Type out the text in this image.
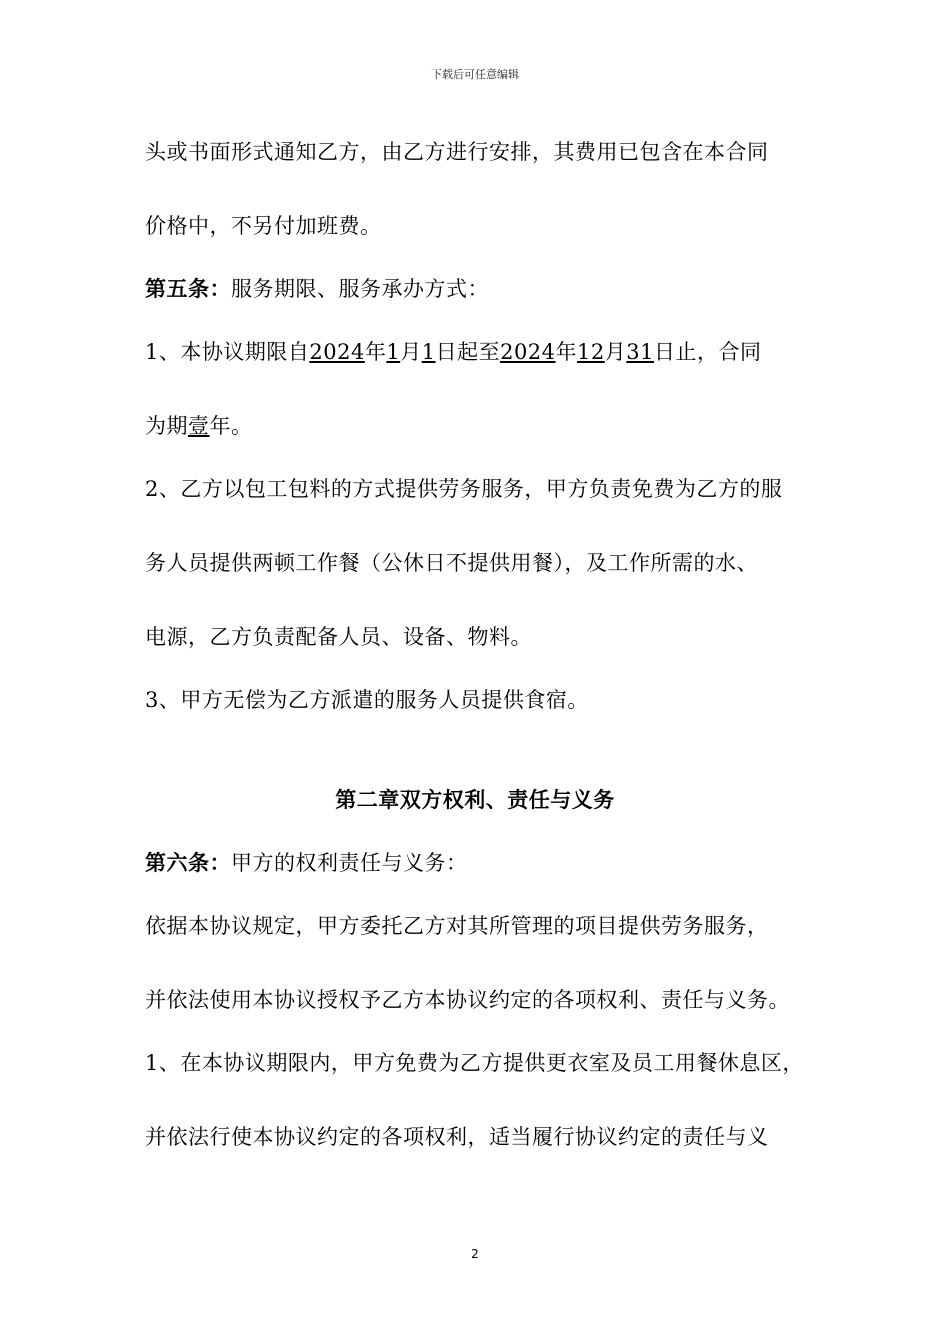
下载后可任意编辑
头或书面形式通知乙方，由乙方进行安排，其费用已包含在本合同
价格中，不另付加班费。
第五条：服务期限、服务承办方式：
1、本协议期限自2024年1月1日起至2024年12月31日止，合同
为期壹年。
2、乙方以包工包料的方式提供劳务服务，甲方负责免费为乙方的服
务人员提供两顿工作餐（公休日不提供用餐），及工作所需的水、
电源，乙方负责配备人员、设备、物料。
3、甲方无偿为乙方派遣的服务人员提供食宿。
第二章双方权利、责任与义务
第六条：甲方的权利责任与义务：
依据本协议规定，甲方委托乙方对其所管理的项目提供劳务服务，
并依法使用本协议授权予乙方本协议约定的各项权利、责任与义务。
1、在本协议期限内，甲方免费为乙方提供更衣室及员工用餐休息区，
并依法行使本协议约定的各项权利，适当履行协议约定的责任与义
2
